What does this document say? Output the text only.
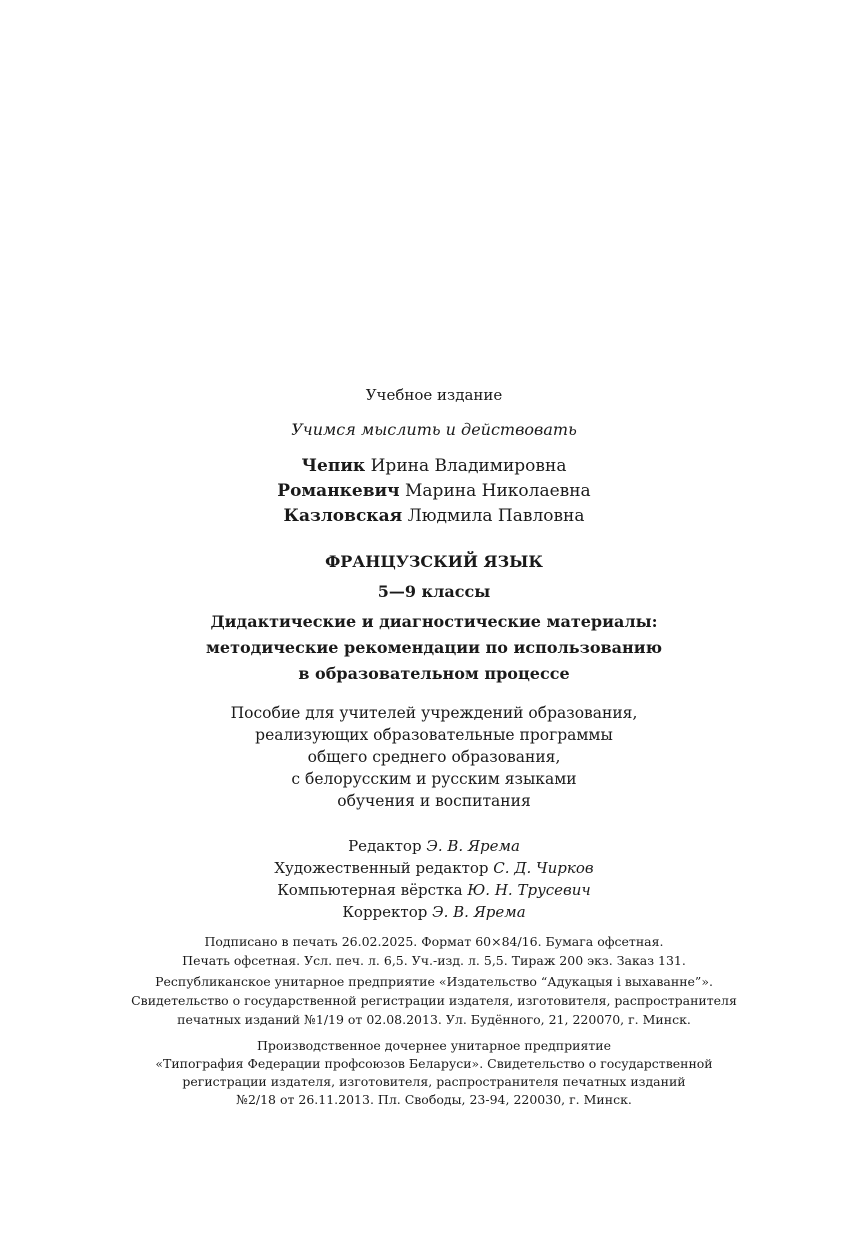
Учебное издание
Учимся мыслить и действовать
Чепик Ирина Владимировна
Романкевич Марина Николаевна
Казловская Людмила Павловна
ФРАНЦУЗСКИЙ ЯЗЫК
5—9 классы
Дидактические и диагностические материалы:
методические рекомендации по использованию
в образовательном процессе
Пособие для учителей учреждений образования,
реализующих образовательные программы
общего среднего образования,
с белорусским и русским языками
обучения и воспитания
Редактор Э. В. Ярема
Художественный редактор С. Д. Чирков
Компьютерная вёрстка Ю. Н. Трусевич
Корректор Э. В. Ярема
Подписано в печать 26.02.2025. Формат 60×84/16. Бумага офсетная.
Печать офсетная. Усл. печ. л. 6,5. Уч.-изд. л. 5,5. Тираж 200 экз. Заказ 131.
Республиканское унитарное предприятие «Издательство “Адукацыя і выхаванне”».
Свидетельство о государственной регистрации издателя, изготовителя, распространителя
печатных изданий №1/19 от 02.08.2013. Ул. Будённого, 21, 220070, г. Минск.
Производственное дочернее унитарное предприятие
«Типография Федерации профсоюзов Беларуси». Свидетельство о государственной
регистрации издателя, изготовителя, распространителя печатных изданий
№2/18 от 26.11.2013. Пл. Свободы, 23-94, 220030, г. Минск.
